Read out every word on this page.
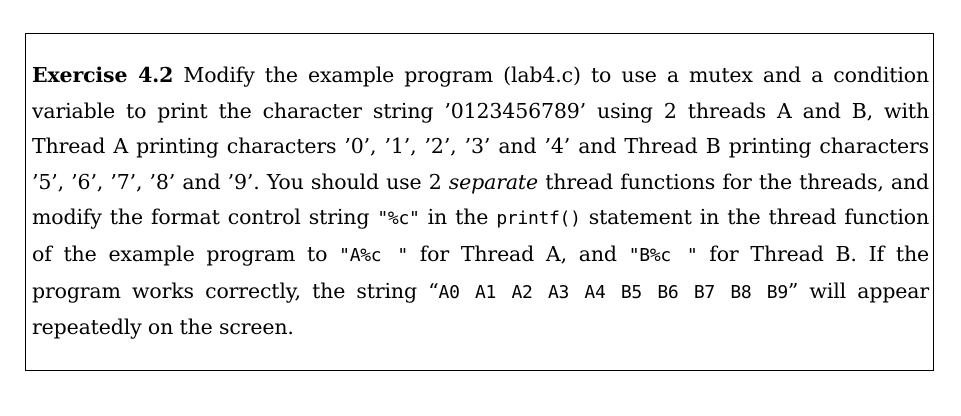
Exercise 4.2 Modify the example program (lab4.c) to use a mutex and a condition variable to print the character string ’0123456789’ using 2 threads A and B, with Thread A printing characters ’0’, ’1’, ’2’, ’3’ and ’4’ and Thread B printing characters ’5’, ’6’, ’7’, ’8’ and ’9’. You should use 2 separate thread functions for the threads, and modify the format control string "%c" in the printf() statement in the thread function of the example program to "A%c " for Thread A, and "B%c " for Thread B. If the program works correctly, the string “A0 A1 A2 A3 A4 B5 B6 B7 B8 B9” will appear repeatedly on the screen.
